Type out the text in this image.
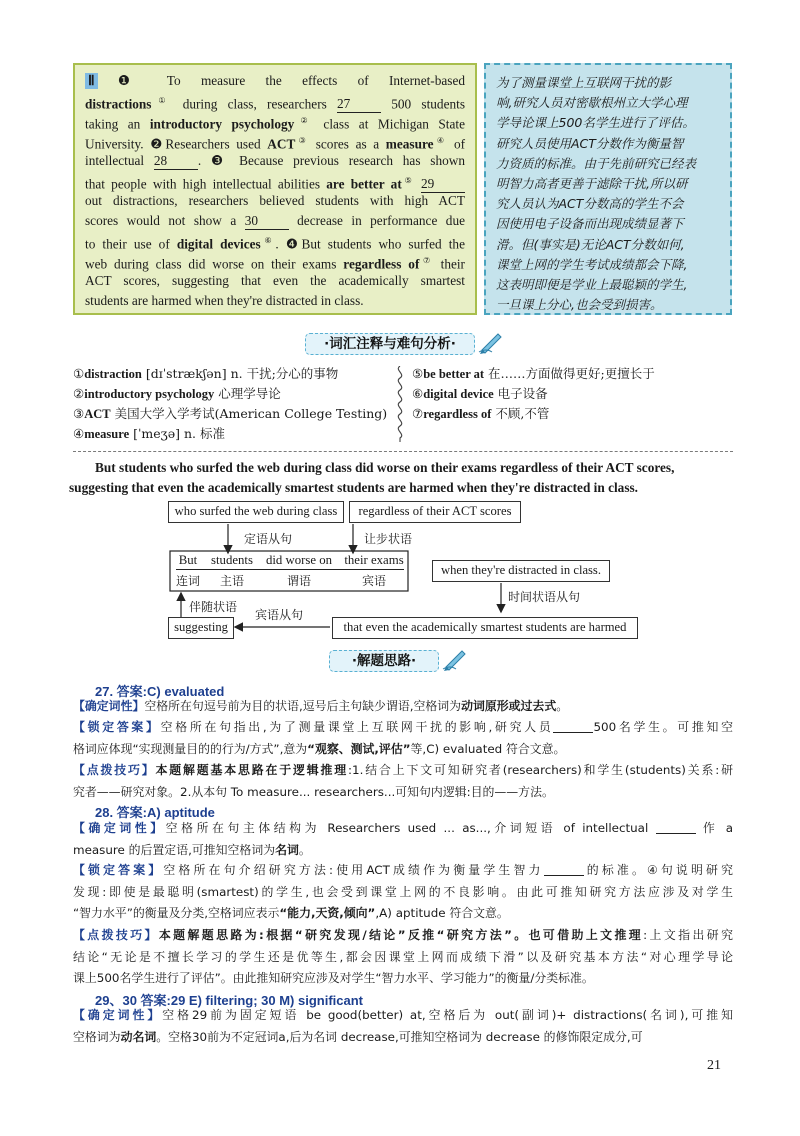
Ⅱ ❶ To measure the effects of Internet-based
distractions① during class, researchers 27 500 students
taking an introductory psychology② class at Michigan State
University. ❷Researchers used ACT③ scores as a measure④ of
intellectual 28 . ❸ Because previous research has shown
that people with high intellectual abilities are better at⑤ 29
out distractions, researchers believed students with high ACT
scores would not show a 30 decrease in performance due
to their use of digital devices⑥. ❹But students who surfed the
web during class did worse on their exams regardless of⑦ their
ACT scores, suggesting that even the academically smartest
students are harmed when they're distracted in class.
为了测量课堂上互联网干扰的影
响,研究人员对密歇根州立大学心理
学导论课上500名学生进行了评估。
研究人员使用ACT分数作为衡量智
力资质的标准。由于先前研究已经表
明智力高者更善于滤除干扰,所以研
究人员认为ACT分数高的学生不会
因使用电子设备而出现成绩显著下
滑。但(事实是)无论ACT分数如何,
课堂上网的学生考试成绩都会下降,
这表明即便是学业上最聪颖的学生,
一旦课上分心,也会受到损害。
·词汇注释与难句分析·
①distraction [dɪˈstrækʃən] n. 干扰;分心的事物
②introductory psychology 心理学导论
③ACT 美国大学入学考试(American College Testing)
④measure [ˈmeʒə] n. 标准
⑤be better at 在……方面做得更好;更擅长于
⑥digital device 电子设备
⑦regardless of 不顾,不管
But students who surfed the web during class did worse on their exams regardless of their ACT scores,
suggesting that even the academically smartest students are harmed when they're distracted in class.
who surfed the web during class	regardless of their ACT scores
定语从句	让步状语
But	students	did worse on their exams
连词	主语	谓语	宾语
when they're distracted in class.
时间状语从句
伴随状语
宾语从句
suggesting	that even the academically smartest students are harmed
·解题思路·
27. 答案:C) evaluated
【确定词性】空格所在句逗号前为目的状语,逗号后主句缺少谓语,空格词为动词原形或过去式。
【锁定答案】空格所在句指出,为了测量课堂上互联网干扰的影响,研究人员	500名学生。可推知空
格词应体现“实现测量目的的行为/方式”,意为“观察、测试,评估”等,C) evaluated 符合文意。
【点拨技巧】本题解题基本思路在于逻辑推理:1.结合上下文可知研究者(researchers)和学生(students)关系:研
究者——研究对象。2.从本句 To measure... researchers...可知句内逻辑:目的——方法。
28. 答案:A) aptitude
【确定词性】空格所在句主体结构为 Researchers used ... as...,介词短语 of intellectual	作 a
measure 的后置定语,可推知空格词为名词。
【锁定答案】空格所在句介绍研究方法:使用ACT成绩作为衡量学生智力	的标准。④句说明研究
发现:即使是最聪明(smartest)的学生,也会受到课堂上网的不良影响。由此可推知研究方法应涉及对学生
“智力水平”的衡量及分类,空格词应表示“能力,天资,倾向”,A) aptitude 符合文意。
【点拨技巧】本题解题思路为:根据“研究发现/结论”反推“研究方法”。也可借助上文推理:上文指出研究
结论“无论是不擅长学习的学生还是优等生,都会因课堂上网而成绩下滑”以及研究基本方法“对心理学导论
课上500名学生进行了评估”。由此推知研究应涉及对学生“智力水平、学习能力”的衡量/分类标准。
29、30 答案:29 E) filtering; 30 M) significant
【确定词性】空格29前为固定短语 be good(better) at,空格后为 out(副词)+ distractions(名词),可推知
空格词为动名词。空格30前为不定冠词a,后为名词 decrease,可推知空格词为 decrease 的修饰限定成分,可
21
